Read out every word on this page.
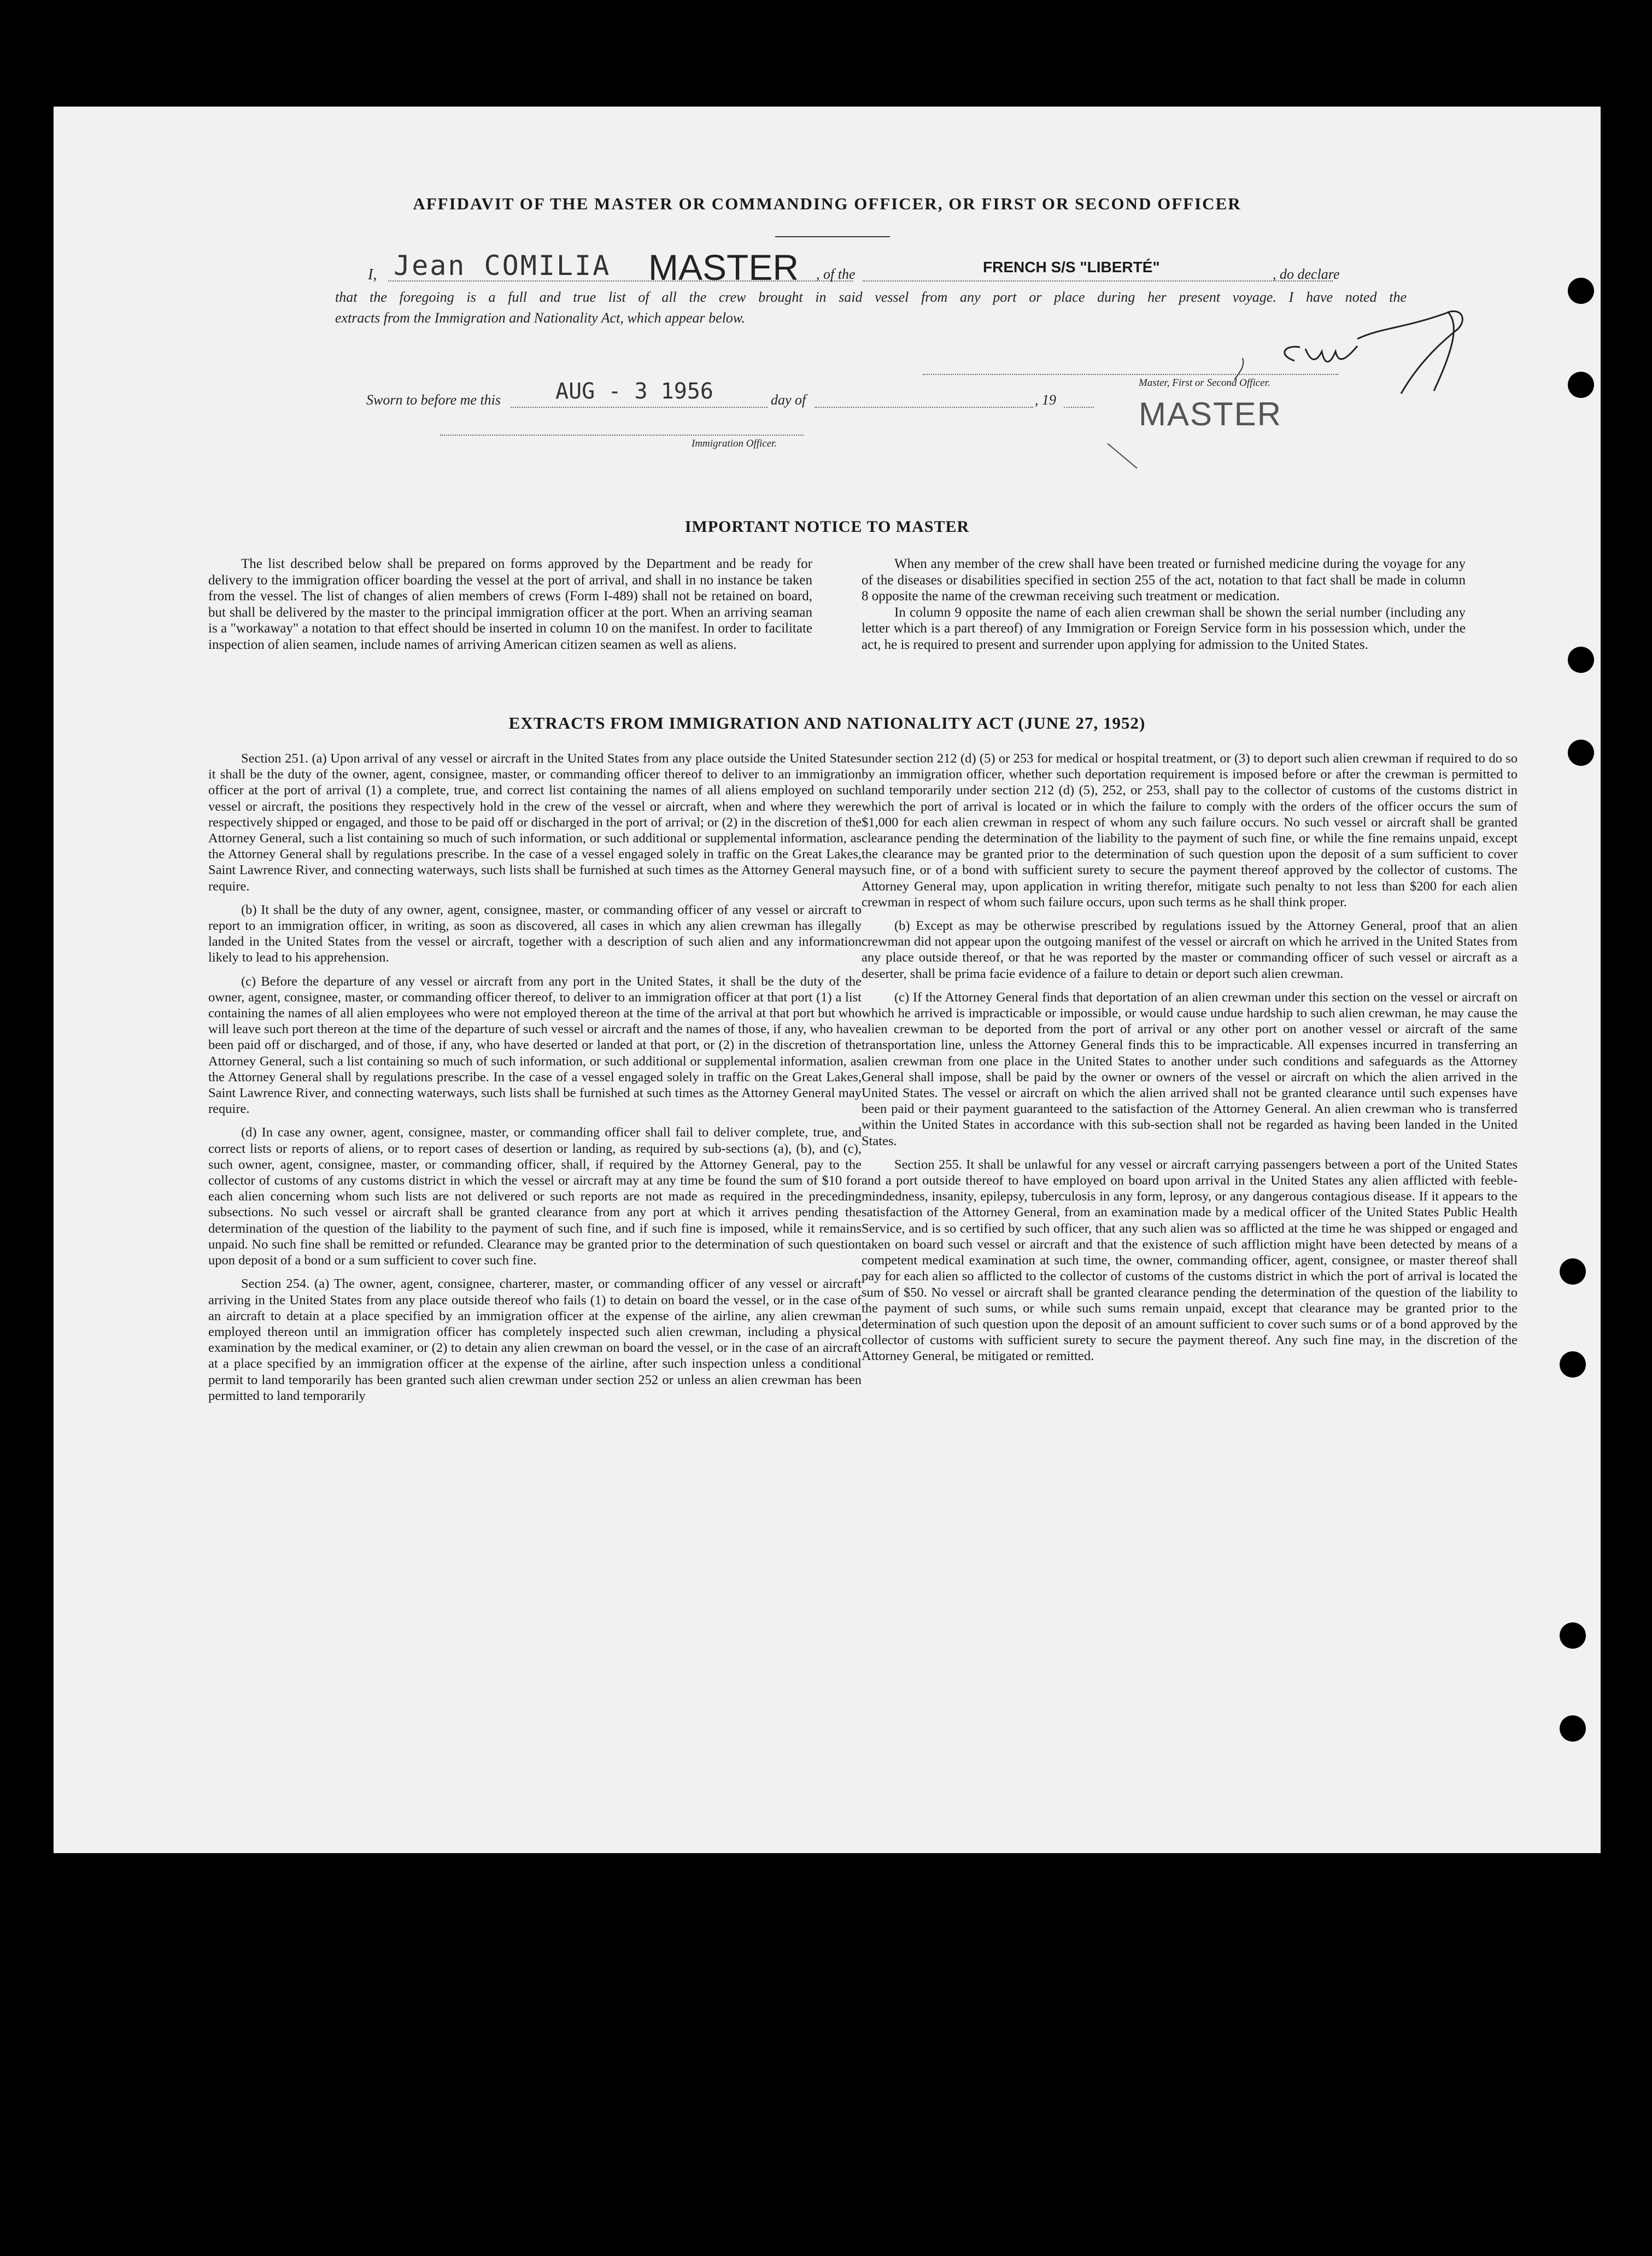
AFFIDAVIT OF THE MASTER OR COMMANDING OFFICER, OR FIRST OR SECOND OFFICER
I, Jean COMILIA MASTER , of the	FRENCH S/S "LIBERTÉ"	, do declare
that the foregoing is a full and true list of all the crew brought in said vessel from any port or place during her present voyage. I have noted the
extracts from the Immigration and Nationality Act, which appear below.
Master, First or Second Officer.
MASTER
Sworn to before me this AUG - 3 1956	day of	, 19
Immigration Officer.
IMPORTANT NOTICE TO MASTER

The list described below shall be prepared on forms approved by the Department and be ready for delivery to the immigration officer boarding the vessel at the port of arrival, and shall in no instance be taken from the vessel. The list of changes of alien members of crews (Form I-489) shall not be retained on board, but shall be delivered by the master to the principal immigration officer at the port. When an arriving seaman is a "workaway" a notation to that effect should be inserted in column 10 on the manifest. In order to facilitate inspection of alien seamen, include names of arriving American citizen seamen as well as aliens.

When any member of the crew shall have been treated or furnished medicine during the voyage for any of the diseases or disabilities specified in section 255 of the act, notation to that fact shall be made in column 8 opposite the name of the crewman receiving such treatment or medication.

In column 9 opposite the name of each alien crewman shall be shown the serial number (including any letter which is a part thereof) of any Immigration or Foreign Service form in his possession which, under the act, he is required to present and surrender upon applying for admission to the United States.

EXTRACTS FROM IMMIGRATION AND NATIONALITY ACT (JUNE 27, 1952)

Section 251. (a) Upon arrival of any vessel or aircraft in the United States from any place outside the United States it shall be the duty of the owner, agent, consignee, master, or commanding officer thereof to deliver to an immigration officer at the port of arrival (1) a complete, true, and correct list containing the names of all aliens employed on such vessel or aircraft, the positions they respectively hold in the crew of the vessel or aircraft, when and where they were respectively shipped or engaged, and those to be paid off or discharged in the port of arrival; or (2) in the discretion of the Attorney General, such a list containing so much of such information, or such additional or supplemental information, as the Attorney General shall by regulations prescribe. In the case of a vessel engaged solely in traffic on the Great Lakes, Saint Lawrence River, and connecting waterways, such lists shall be furnished at such times as the Attorney General may require.

(b) It shall be the duty of any owner, agent, consignee, master, or commanding officer of any vessel or aircraft to report to an immigration officer, in writing, as soon as discovered, all cases in which any alien crewman has illegally landed in the United States from the vessel or aircraft, together with a description of such alien and any information likely to lead to his apprehension.

(c) Before the departure of any vessel or aircraft from any port in the United States, it shall be the duty of the owner, agent, consignee, master, or commanding officer thereof, to deliver to an immigration officer at that port (1) a list containing the names of all alien employees who were not employed thereon at the time of the arrival at that port but who will leave such port thereon at the time of the departure of such vessel or aircraft and the names of those, if any, who have been paid off or discharged, and of those, if any, who have deserted or landed at that port, or (2) in the discretion of the Attorney General, such a list containing so much of such information, or such additional or supplemental information, as the Attorney General shall by regulations prescribe. In the case of a vessel engaged solely in traffic on the Great Lakes, Saint Lawrence River, and connecting waterways, such lists shall be furnished at such times as the Attorney General may require.

(d) In case any owner, agent, consignee, master, or commanding officer shall fail to deliver complete, true, and correct lists or reports of aliens, or to report cases of desertion or landing, as required by sub-sections (a), (b), and (c), such owner, agent, consignee, master, or commanding officer, shall, if required by the Attorney General, pay to the collector of customs of any customs district in which the vessel or aircraft may at any time be found the sum of $10 for each alien concerning whom such lists are not delivered or such reports are not made as required in the preceding subsections. No such vessel or aircraft shall be granted clearance from any port at which it arrives pending the determination of the question of the liability to the payment of such fine, and if such fine is imposed, while it remains unpaid. No such fine shall be remitted or refunded. Clearance may be granted prior to the determination of such question upon deposit of a bond or a sum sufficient to cover such fine.

Section 254. (a) The owner, agent, consignee, charterer, master, or commanding officer of any vessel or aircraft arriving in the United States from any place outside thereof who fails (1) to detain on board the vessel, or in the case of an aircraft to detain at a place specified by an immigration officer at the expense of the airline, any alien crewman employed thereon until an immigration officer has completely inspected such alien crewman, including a physical examination by the medical examiner, or (2) to detain any alien crewman on board the vessel, or in the case of an aircraft at a place specified by an immigration officer at the expense of the airline, after such inspection unless a conditional permit to land temporarily has been granted such alien crewman under section 252 or unless an alien crewman has been permitted to land temporarily

under section 212 (d) (5) or 253 for medical or hospital treatment, or (3) to deport such alien crewman if required to do so by an immigration officer, whether such deportation requirement is imposed before or after the crewman is permitted to land temporarily under section 212 (d) (5), 252, or 253, shall pay to the collector of customs of the customs district in which the port of arrival is located or in which the failure to comply with the orders of the officer occurs the sum of $1,000 for each alien crewman in respect of whom any such failure occurs. No such vessel or aircraft shall be granted clearance pending the determination of the liability to the payment of such fine, or while the fine remains unpaid, except the clearance may be granted prior to the determination of such question upon the deposit of a sum sufficient to cover such fine, or of a bond with sufficient surety to secure the payment thereof approved by the collector of customs. The Attorney General may, upon application in writing therefor, mitigate such penalty to not less than $200 for each alien crewman in respect of whom such failure occurs, upon such terms as he shall think proper.

(b) Except as may be otherwise prescribed by regulations issued by the Attorney General, proof that an alien crewman did not appear upon the outgoing manifest of the vessel or aircraft on which he arrived in the United States from any place outside thereof, or that he was reported by the master or commanding officer of such vessel or aircraft as a deserter, shall be prima facie evidence of a failure to detain or deport such alien crewman.

(c) If the Attorney General finds that deportation of an alien crewman under this section on the vessel or aircraft on which he arrived is impracticable or impossible, or would cause undue hardship to such alien crewman, he may cause the alien crewman to be deported from the port of arrival or any other port on another vessel or aircraft of the same transportation line, unless the Attorney General finds this to be impracticable. All expenses incurred in transferring an alien crewman from one place in the United States to another under such conditions and safeguards as the Attorney General shall impose, shall be paid by the owner or owners of the vessel or aircraft on which the alien arrived in the United States. The vessel or aircraft on which the alien arrived shall not be granted clearance until such expenses have been paid or their payment guaranteed to the satisfaction of the Attorney General. An alien crewman who is transferred within the United States in accordance with this sub-section shall not be regarded as having been landed in the United States.

Section 255. It shall be unlawful for any vessel or aircraft carrying passengers between a port of the United States and a port outside thereof to have employed on board upon arrival in the United States any alien afflicted with feeble-mindedness, insanity, epilepsy, tuberculosis in any form, leprosy, or any dangerous contagious disease. If it appears to the satisfaction of the Attorney General, from an examination made by a medical officer of the United States Public Health Service, and is so certified by such officer, that any such alien was so afflicted at the time he was shipped or engaged and taken on board such vessel or aircraft and that the existence of such affliction might have been detected by means of a competent medical examination at such time, the owner, commanding officer, agent, consignee, or master thereof shall pay for each alien so afflicted to the collector of customs of the customs district in which the port of arrival is located the sum of $50. No vessel or aircraft shall be granted clearance pending the determination of the question of the liability to the payment of such sums, or while such sums remain unpaid, except that clearance may be granted prior to the determination of such question upon the deposit of an amount sufficient to cover such sums or of a bond approved by the collector of customs with sufficient surety to secure the payment thereof. Any such fine may, in the discretion of the Attorney General, be mitigated or remitted.
